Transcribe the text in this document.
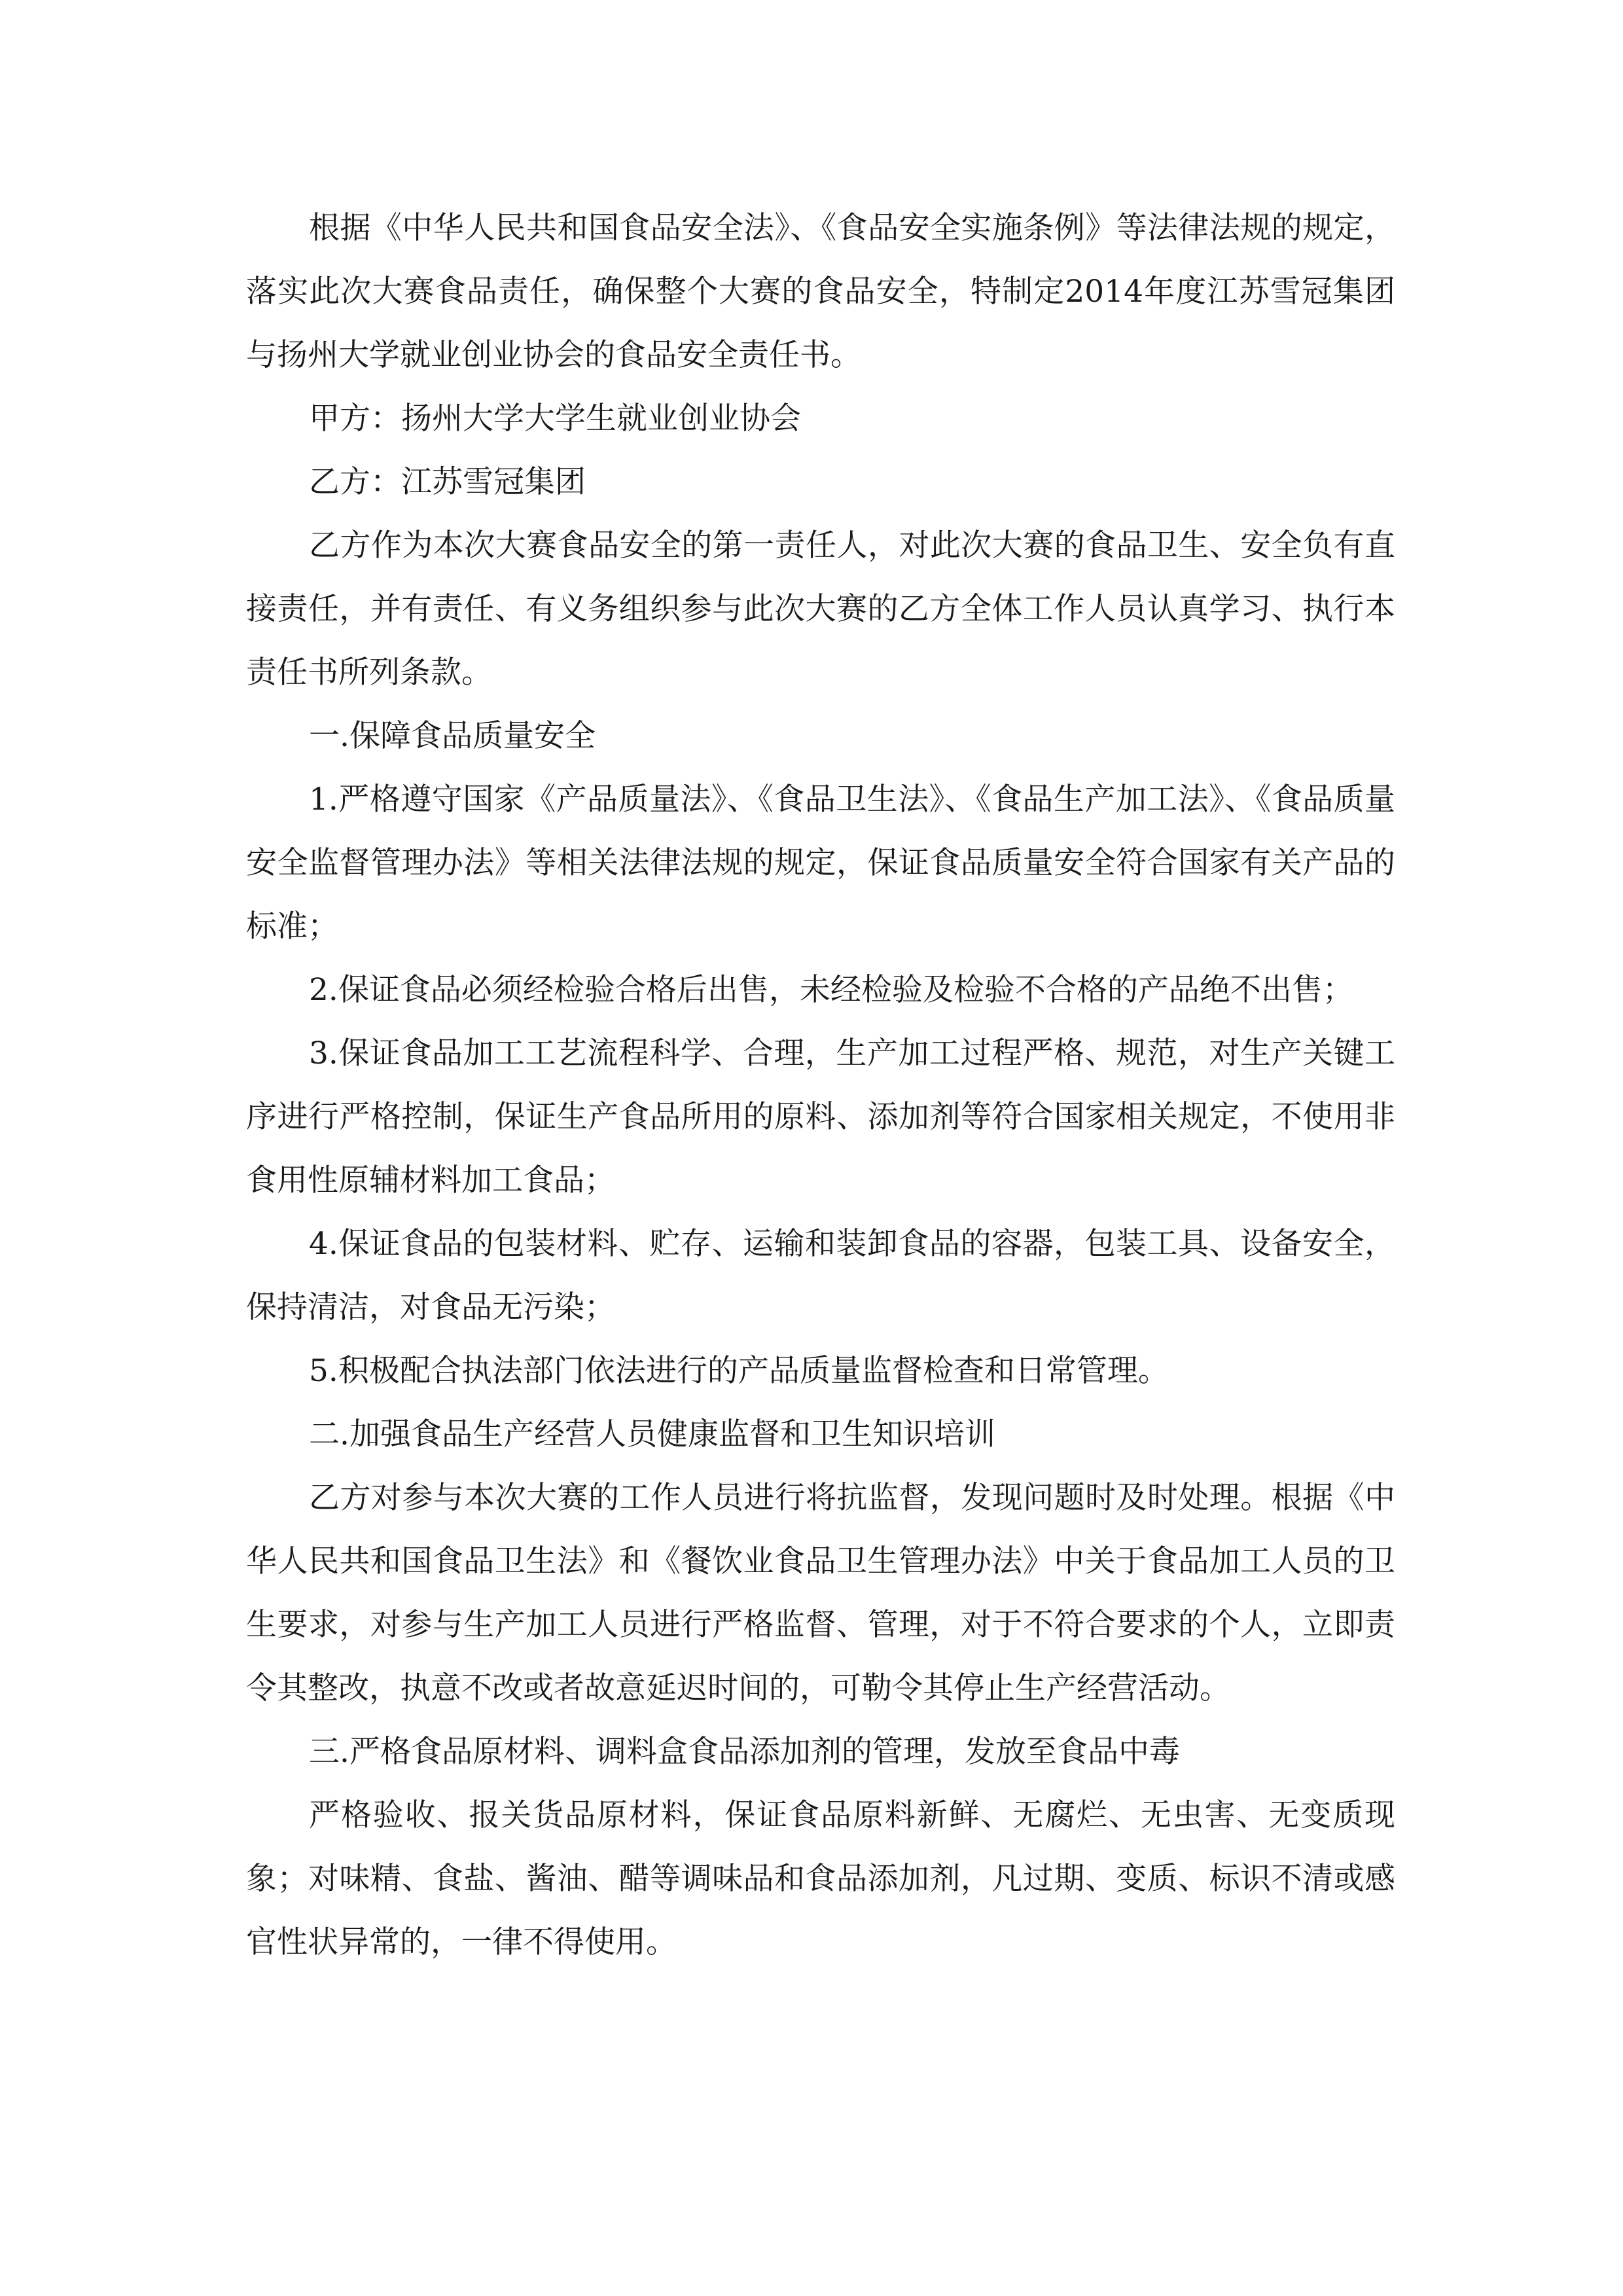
根据《中华人民共和国食品安全法》、《食品安全实施条例》等法律法规的规定，落实此次大赛食品责任，确保整个大赛的食品安全，特制定2014年度江苏雪冠集团与扬州大学就业创业协会的食品安全责任书。

甲方：扬州大学大学生就业创业协会

乙方：江苏雪冠集团

乙方作为本次大赛食品安全的第一责任人，对此次大赛的食品卫生、安全负有直接责任，并有责任、有义务组织参与此次大赛的乙方全体工作人员认真学习、执行本责任书所列条款。

一.保障食品质量安全

1.严格遵守国家《产品质量法》、《食品卫生法》、《食品生产加工法》、《食品质量安全监督管理办法》等相关法律法规的规定，保证食品质量安全符合国家有关产品的标准；

2.保证食品必须经检验合格后出售，未经检验及检验不合格的产品绝不出售；

3.保证食品加工工艺流程科学、合理，生产加工过程严格、规范，对生产关键工序进行严格控制，保证生产食品所用的原料、添加剂等符合国家相关规定，不使用非食用性原辅材料加工食品；

4.保证食品的包装材料、贮存、运输和装卸食品的容器，包装工具、设备安全，保持清洁，对食品无污染；

5.积极配合执法部门依法进行的产品质量监督检查和日常管理。

二.加强食品生产经营人员健康监督和卫生知识培训

乙方对参与本次大赛的工作人员进行将抗监督，发现问题时及时处理。根据《中华人民共和国食品卫生法》和《餐饮业食品卫生管理办法》中关于食品加工人员的卫生要求，对参与生产加工人员进行严格监督、管理，对于不符合要求的个人，立即责令其整改，执意不改或者故意延迟时间的，可勒令其停止生产经营活动。

三.严格食品原材料、调料盒食品添加剂的管理，发放至食品中毒

严格验收、报关货品原材料，保证食品原料新鲜、无腐烂、无虫害、无变质现象；对味精、食盐、酱油、醋等调味品和食品添加剂，凡过期、变质、标识不清或感官性状异常的，一律不得使用。
